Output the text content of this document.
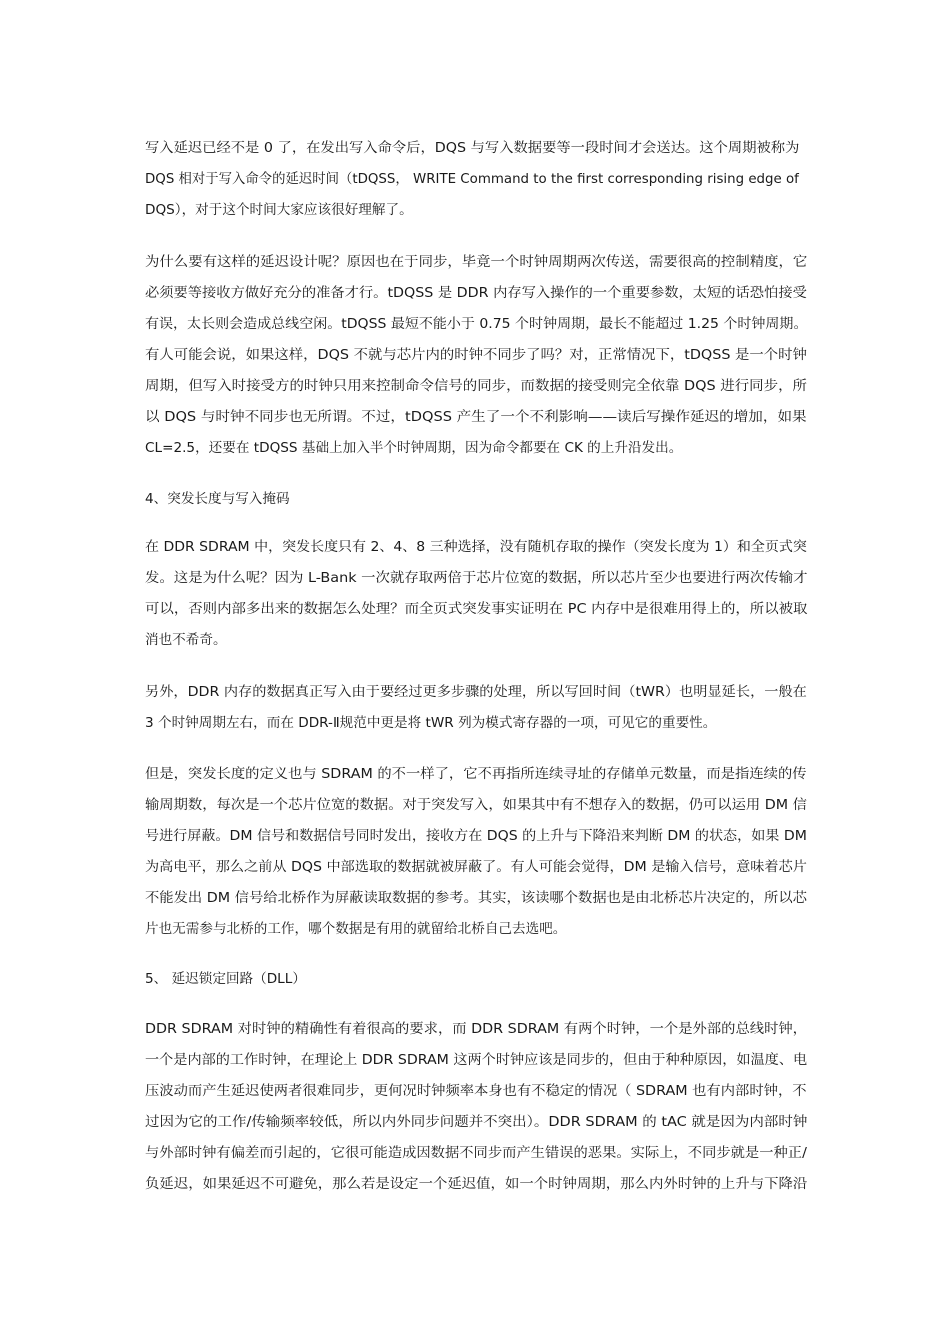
写入延迟已经不是 0 了，在发出写入命令后，DQS 与写入数据要等一段时间才会送达。这个周期被称为
DQS 相对于写入命令的延迟时间（tDQSS， WRITE Command to the first corresponding rising edge of
DQS），对于这个时间大家应该很好理解了。
为什么要有这样的延迟设计呢？原因也在于同步，毕竟一个时钟周期两次传送，需要很高的控制精度，它
必须要等接收方做好充分的准备才行。tDQSS 是 DDR 内存写入操作的一个重要参数，太短的话恐怕接受
有误，太长则会造成总线空闲。tDQSS 最短不能小于 0.75 个时钟周期，最长不能超过 1.25 个时钟周期。
有人可能会说，如果这样，DQS 不就与芯片内的时钟不同步了吗？对，正常情况下，tDQSS 是一个时钟
周期，但写入时接受方的时钟只用来控制命令信号的同步，而数据的接受则完全依靠 DQS 进行同步，所
以 DQS 与时钟不同步也无所谓。不过，tDQSS 产生了一个不利影响——读后写操作延迟的增加，如果
CL=2.5，还要在 tDQSS 基础上加入半个时钟周期，因为命令都要在 CK 的上升沿发出。
4、突发长度与写入掩码
在 DDR SDRAM 中，突发长度只有 2、4、8 三种选择，没有随机存取的操作（突发长度为 1）和全页式突
发。这是为什么呢？因为 L-Bank 一次就存取两倍于芯片位宽的数据，所以芯片至少也要进行两次传输才
可以，否则内部多出来的数据怎么处理？而全页式突发事实证明在 PC 内存中是很难用得上的，所以被取
消也不希奇。
另外，DDR 内存的数据真正写入由于要经过更多步骤的处理，所以写回时间（tWR）也明显延长，一般在
3 个时钟周期左右，而在 DDR-Ⅱ规范中更是将 tWR 列为模式寄存器的一项，可见它的重要性。
但是，突发长度的定义也与 SDRAM 的不一样了，它不再指所连续寻址的存储单元数量，而是指连续的传
输周期数，每次是一个芯片位宽的数据。对于突发写入，如果其中有不想存入的数据，仍可以运用 DM 信
号进行屏蔽。DM 信号和数据信号同时发出，接收方在 DQS 的上升与下降沿来判断 DM 的状态，如果 DM
为高电平，那么之前从 DQS 中部选取的数据就被屏蔽了。有人可能会觉得，DM 是输入信号，意味着芯片
不能发出 DM 信号给北桥作为屏蔽读取数据的参考。其实，该读哪个数据也是由北桥芯片决定的，所以芯
片也无需参与北桥的工作，哪个数据是有用的就留给北桥自己去选吧。
5、 延迟锁定回路（DLL）
DDR SDRAM 对时钟的精确性有着很高的要求，而 DDR SDRAM 有两个时钟，一个是外部的总线时钟，
一个是内部的工作时钟，在理论上 DDR SDRAM 这两个时钟应该是同步的，但由于种种原因，如温度、电
压波动而产生延迟使两者很难同步，更何况时钟频率本身也有不稳定的情况（ SDRAM 也有内部时钟，不
过因为它的工作/传输频率较低，所以内外同步问题并不突出）。DDR SDRAM 的 tAC 就是因为内部时钟
与外部时钟有偏差而引起的，它很可能造成因数据不同步而产生错误的恶果。实际上，不同步就是一种正/
负延迟，如果延迟不可避免，那么若是设定一个延迟值，如一个时钟周期，那么内外时钟的上升与下降沿
